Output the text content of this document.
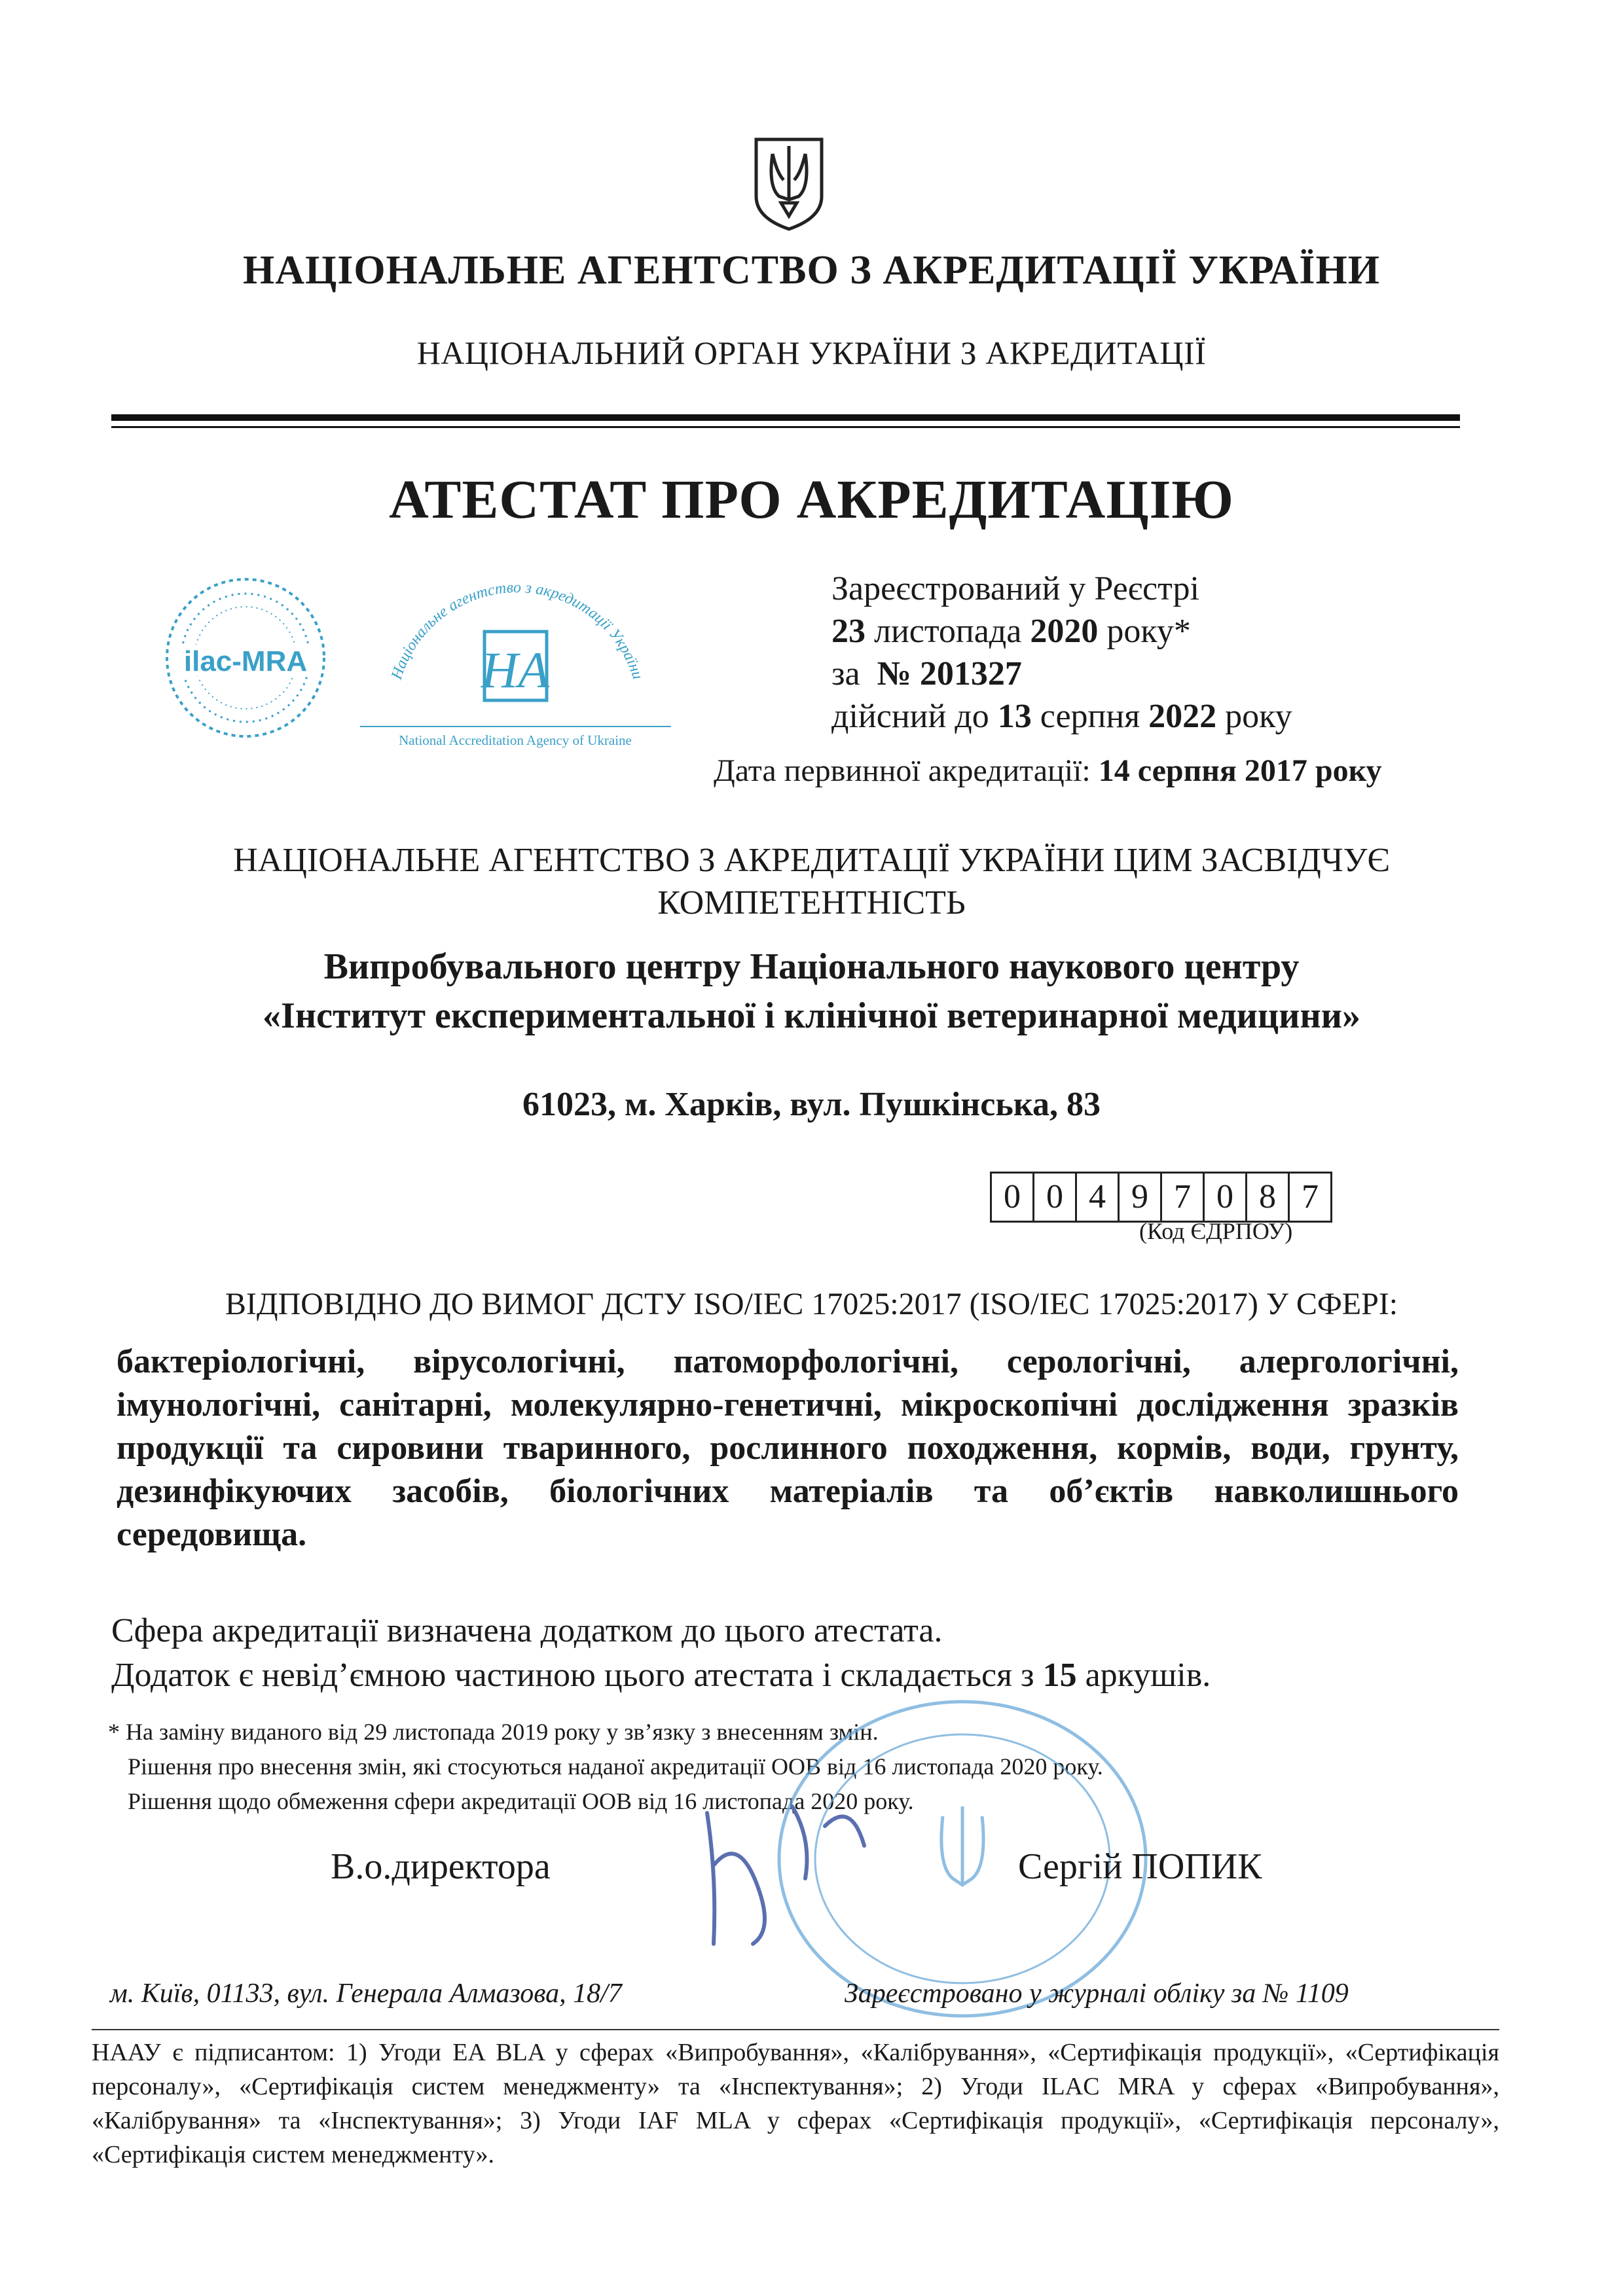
НАЦІОНАЛЬНЕ АГЕНТСТВО З АКРЕДИТАЦІЇ УКРАЇНИ
НАЦІОНАЛЬНИЙ ОРГАН УКРАЇНИ З АКРЕДИТАЦІЇ
АТЕСТАТ ПРО АКРЕДИТАЦІЮ
ilac-MRA	Національне агентство з акредитації України
НА
National Accreditation Agency of Ukraine
Зареєстрований у Реєстрі
23 листопада 2020 року*
за № 201327
дійсний до 13 серпня 2022 року
Дата первинної акредитації: 14 серпня 2017 року
НАЦІОНАЛЬНЕ АГЕНТСТВО З АКРЕДИТАЦІЇ УКРАЇНИ ЦИМ ЗАСВІДЧУЄ
КОМПЕТЕНТНІСТЬ
Випробувального центру Національного наукового центру
«Інститут експериментальної і клінічної ветеринарної медицини»
61023, м. Харків, вул. Пушкінська, 83
0 0 4 9 7 0 8 7
(Код ЄДРПОУ)
ВІДПОВІДНО ДО ВИМОГ ДСТУ ISO/IEC 17025:2017 (ISO/IEC 17025:2017) У СФЕРІ:
бактеріологічні, вірусологічні, патоморфологічні, серологічні, алергологічні, імунологічні, санітарні, молекулярно-генетичні, мікроскопічні дослідження зразків продукції та сировини тваринного, рослинного походження, кормів, води, грунту, дезинфікуючих засобів, біологічних матеріалів та об’єктів навколишнього середовища.
Сфера акредитації визначена додатком до цього атестата.
Додаток є невід’ємною частиною цього атестата і складається з 15 аркушів.
* На заміну виданого від 29 листопада 2019 року у зв’язку з внесенням змін.
Рішення про внесення змін, які стосуються наданої акредитації ООВ від 16 листопада 2020 року.
Рішення щодо обмеження сфери акредитації ООВ від 16 листопада 2020 року.
В.о.директора	Сергій ПОПИК
м. Київ, 01133, вул. Генерала Алмазова, 18/7	Зареєстровано у журналі обліку за № 1109
НААУ є підписантом: 1) Угоди EA BLA у сферах «Випробування», «Калібрування», «Сертифікація продукції», «Сертифікація персоналу», «Сертифікація систем менеджменту» та «Інспектування»; 2) Угоди ILAC MRA у сферах «Випробування», «Калібрування» та «Інспектування»; 3) Угоди IAF MLA у сферах «Сертифікація продукції», «Сертифікація персоналу», «Сертифікація систем менеджменту».
